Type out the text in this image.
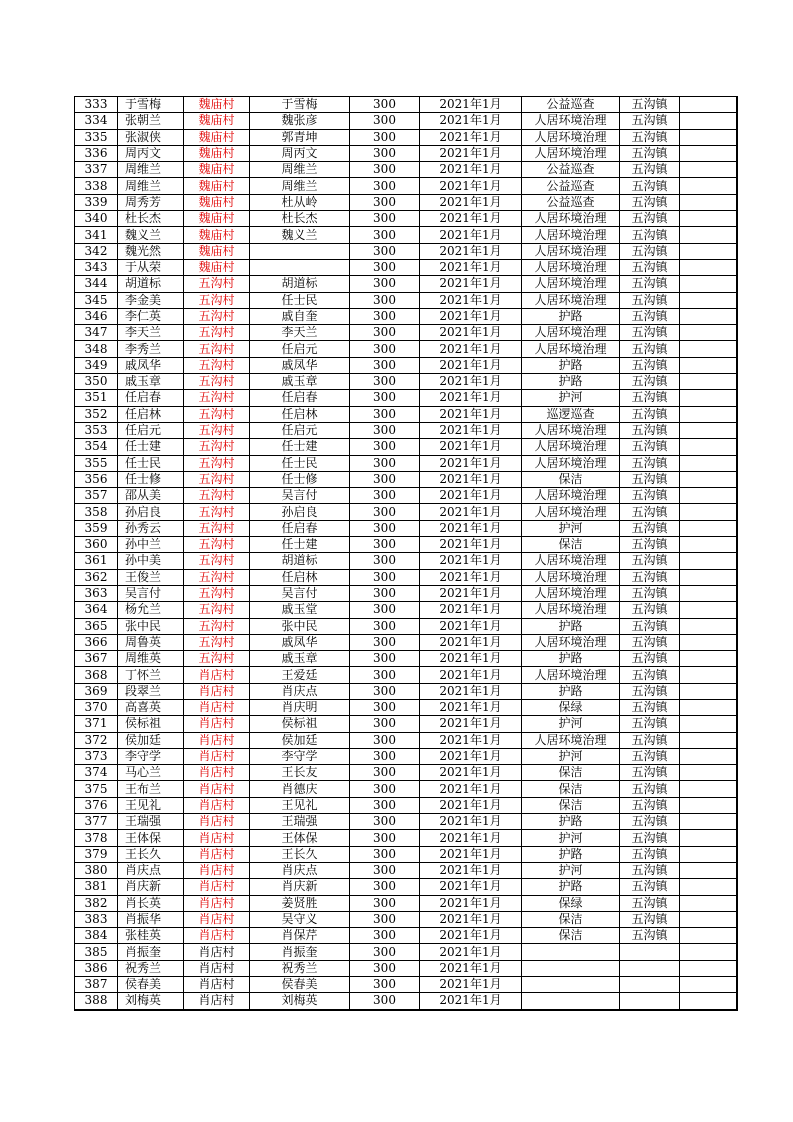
333	于雪梅	魏庙村	于雪梅	300	2021年1月	公益巡查	五沟镇	
334	张朝兰	魏庙村	魏张彦	300	2021年1月	人居环境治理	五沟镇	
335	张淑侠	魏庙村	郭青坤	300	2021年1月	人居环境治理	五沟镇	
336	周丙文	魏庙村	周丙文	300	2021年1月	人居环境治理	五沟镇	
337	周维兰	魏庙村	周维兰	300	2021年1月	公益巡查	五沟镇	
338	周维兰	魏庙村	周维兰	300	2021年1月	公益巡查	五沟镇	
339	周秀芳	魏庙村	杜从岭	300	2021年1月	公益巡查	五沟镇	
340	杜长杰	魏庙村	杜长杰	300	2021年1月	人居环境治理	五沟镇	
341	魏义兰	魏庙村	魏义兰	300	2021年1月	人居环境治理	五沟镇	
342	魏光然	魏庙村		300	2021年1月	人居环境治理	五沟镇	
343	于从荣	魏庙村		300	2021年1月	人居环境治理	五沟镇	
344	胡道标	五沟村	胡道标	300	2021年1月	人居环境治理	五沟镇	
345	李金美	五沟村	任士民	300	2021年1月	人居环境治理	五沟镇	
346	李仁英	五沟村	戚自奎	300	2021年1月	护路	五沟镇	
347	李天兰	五沟村	李天兰	300	2021年1月	人居环境治理	五沟镇	
348	李秀兰	五沟村	任启元	300	2021年1月	人居环境治理	五沟镇	
349	戚凤华	五沟村	戚凤华	300	2021年1月	护路	五沟镇	
350	戚玉章	五沟村	戚玉章	300	2021年1月	护路	五沟镇	
351	任启春	五沟村	任启春	300	2021年1月	护河	五沟镇	
352	任启林	五沟村	任启林	300	2021年1月	巡逻巡查	五沟镇	
353	任启元	五沟村	任启元	300	2021年1月	人居环境治理	五沟镇	
354	任士建	五沟村	任士建	300	2021年1月	人居环境治理	五沟镇	
355	任士民	五沟村	任士民	300	2021年1月	人居环境治理	五沟镇	
356	任士修	五沟村	任士修	300	2021年1月	保洁	五沟镇	
357	邵从美	五沟村	吴言付	300	2021年1月	人居环境治理	五沟镇	
358	孙启良	五沟村	孙启良	300	2021年1月	人居环境治理	五沟镇	
359	孙秀云	五沟村	任启春	300	2021年1月	护河	五沟镇	
360	孙中兰	五沟村	任士建	300	2021年1月	保洁	五沟镇	
361	孙中美	五沟村	胡道标	300	2021年1月	人居环境治理	五沟镇	
362	王俊兰	五沟村	任启林	300	2021年1月	人居环境治理	五沟镇	
363	吴言付	五沟村	吴言付	300	2021年1月	人居环境治理	五沟镇	
364	杨允兰	五沟村	戚玉堂	300	2021年1月	人居环境治理	五沟镇	
365	张中民	五沟村	张中民	300	2021年1月	护路	五沟镇	
366	周鲁英	五沟村	戚凤华	300	2021年1月	人居环境治理	五沟镇	
367	周维英	五沟村	戚玉章	300	2021年1月	护路	五沟镇	
368	丁怀兰	肖店村	王爱廷	300	2021年1月	人居环境治理	五沟镇	
369	段翠兰	肖店村	肖庆点	300	2021年1月	护路	五沟镇	
370	高喜英	肖店村	肖庆明	300	2021年1月	保绿	五沟镇	
371	侯标祖	肖店村	侯标祖	300	2021年1月	护河	五沟镇	
372	侯加廷	肖店村	侯加廷	300	2021年1月	人居环境治理	五沟镇	
373	李守学	肖店村	李守学	300	2021年1月	护河	五沟镇	
374	马心兰	肖店村	王长友	300	2021年1月	保洁	五沟镇	
375	王布兰	肖店村	肖德庆	300	2021年1月	保洁	五沟镇	
376	王见礼	肖店村	王见礼	300	2021年1月	保洁	五沟镇	
377	王瑞强	肖店村	王瑞强	300	2021年1月	护路	五沟镇	
378	王体保	肖店村	王体保	300	2021年1月	护河	五沟镇	
379	王长久	肖店村	王长久	300	2021年1月	护路	五沟镇	
380	肖庆点	肖店村	肖庆点	300	2021年1月	护河	五沟镇	
381	肖庆新	肖店村	肖庆新	300	2021年1月	护路	五沟镇	
382	肖长英	肖店村	姜贤胜	300	2021年1月	保绿	五沟镇	
383	肖振华	肖店村	吴守义	300	2021年1月	保洁	五沟镇	
384	张桂英	肖店村	肖保芹	300	2021年1月	保洁	五沟镇	
385	肖振奎	肖店村	肖振奎	300	2021年1月			
386	祝秀兰	肖店村	祝秀兰	300	2021年1月			
387	侯春美	肖店村	侯春美	300	2021年1月			
388	刘梅英	肖店村	刘梅英	300	2021年1月			
